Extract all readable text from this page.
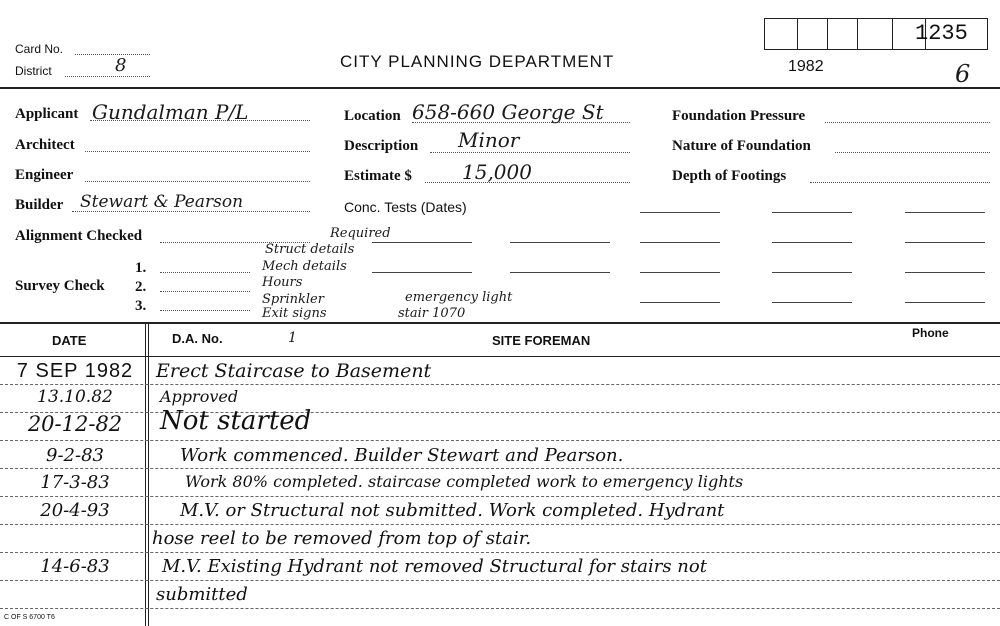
Card No.
District	8	CITY PLANNING DEPARTMENT	1982
1235
6
Applicant Gundalman P/L
Architect
Engineer
Builder Stewart & Pearson
Alignment Checked
Survey Check
1.
2.
3.
Required
Struct details
Mech details
Hours
Sprinkler
Exit signs
emergency light
stair 1070
Location 658-660 George St
Description Minor
Estimate $	15,000
Conc. Tests (Dates)
Foundation Pressure
Nature of Foundation
Depth of Footings
DATE	D.A. No.	1	SITE FOREMAN	Phone
7 SEP 1982	Erect Staircase to Basement
13.10.82	Approved
20-12-82	Not started
9-2-83	Work commenced. Builder Stewart and Pearson.
17-3-83	Work 80% completed. staircase completed work to emergency lights
20-4-93	M.V. or Structural not submitted. Work completed. Hydrant
hose reel to be removed from top of stair.
14-6-83	M.V. Existing Hydrant not removed Structural for stairs not
submitted
C OF S 6700 T6
